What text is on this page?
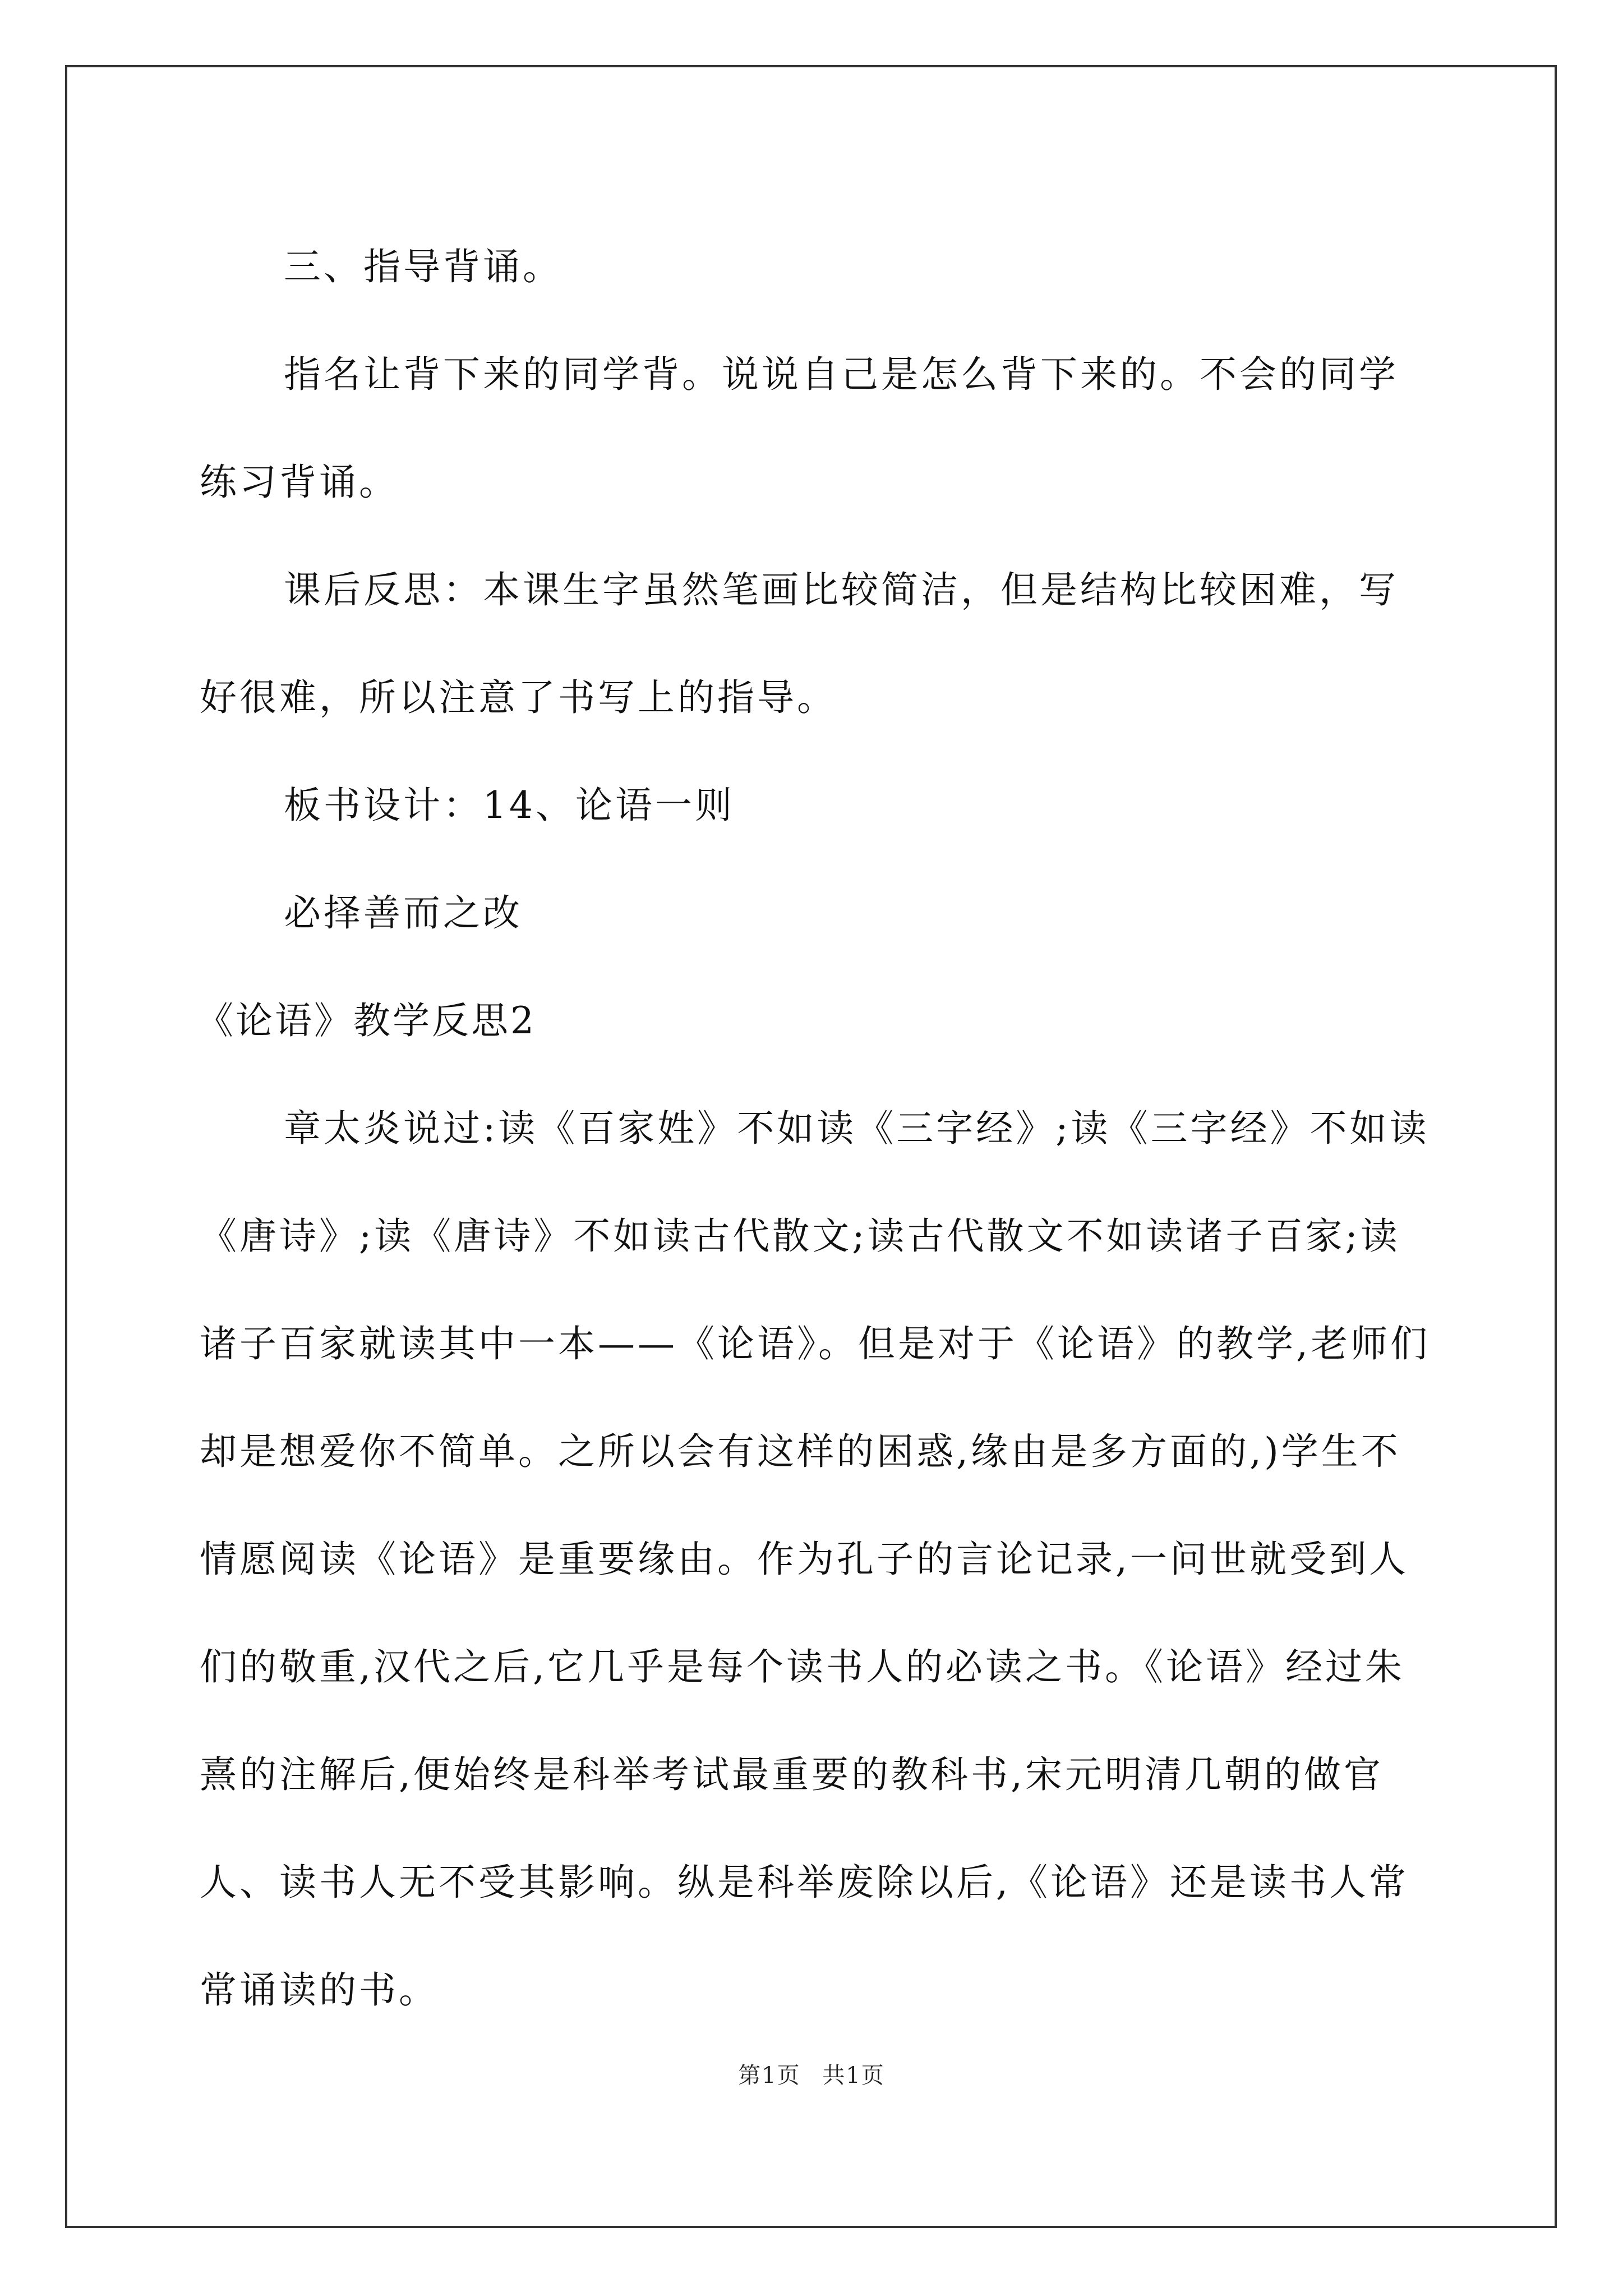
三、指导背诵。

指名让背下来的同学背。说说自己是怎么背下来的。不会的同学练习背诵。

课后反思：本课生字虽然笔画比较简洁，但是结构比较困难，写好很难，所以注意了书写上的指导。

板书设计：14、论语一则

必择善而之改

《论语》教学反思2

章太炎说过:读《百家姓》不如读《三字经》;读《三字经》不如读《唐诗》;读《唐诗》不如读古代散文;读古代散文不如读诸子百家;读诸子百家就读其中一本——《论语》。但是对于《论语》的教学,老师们却是想爱你不简单。之所以会有这样的困惑,缘由是多方面的,)学生不情愿阅读《论语》是重要缘由。作为孔子的言论记录,一问世就受到人们的敬重,汉代之后,它几乎是每个读书人的必读之书。《论语》经过朱熹的注解后,便始终是科举考试最重要的教科书,宋元明清几朝的做官人、读书人无不受其影响。纵是科举废除以后,《论语》还是读书人常常诵读的书。

第1页 共1页
